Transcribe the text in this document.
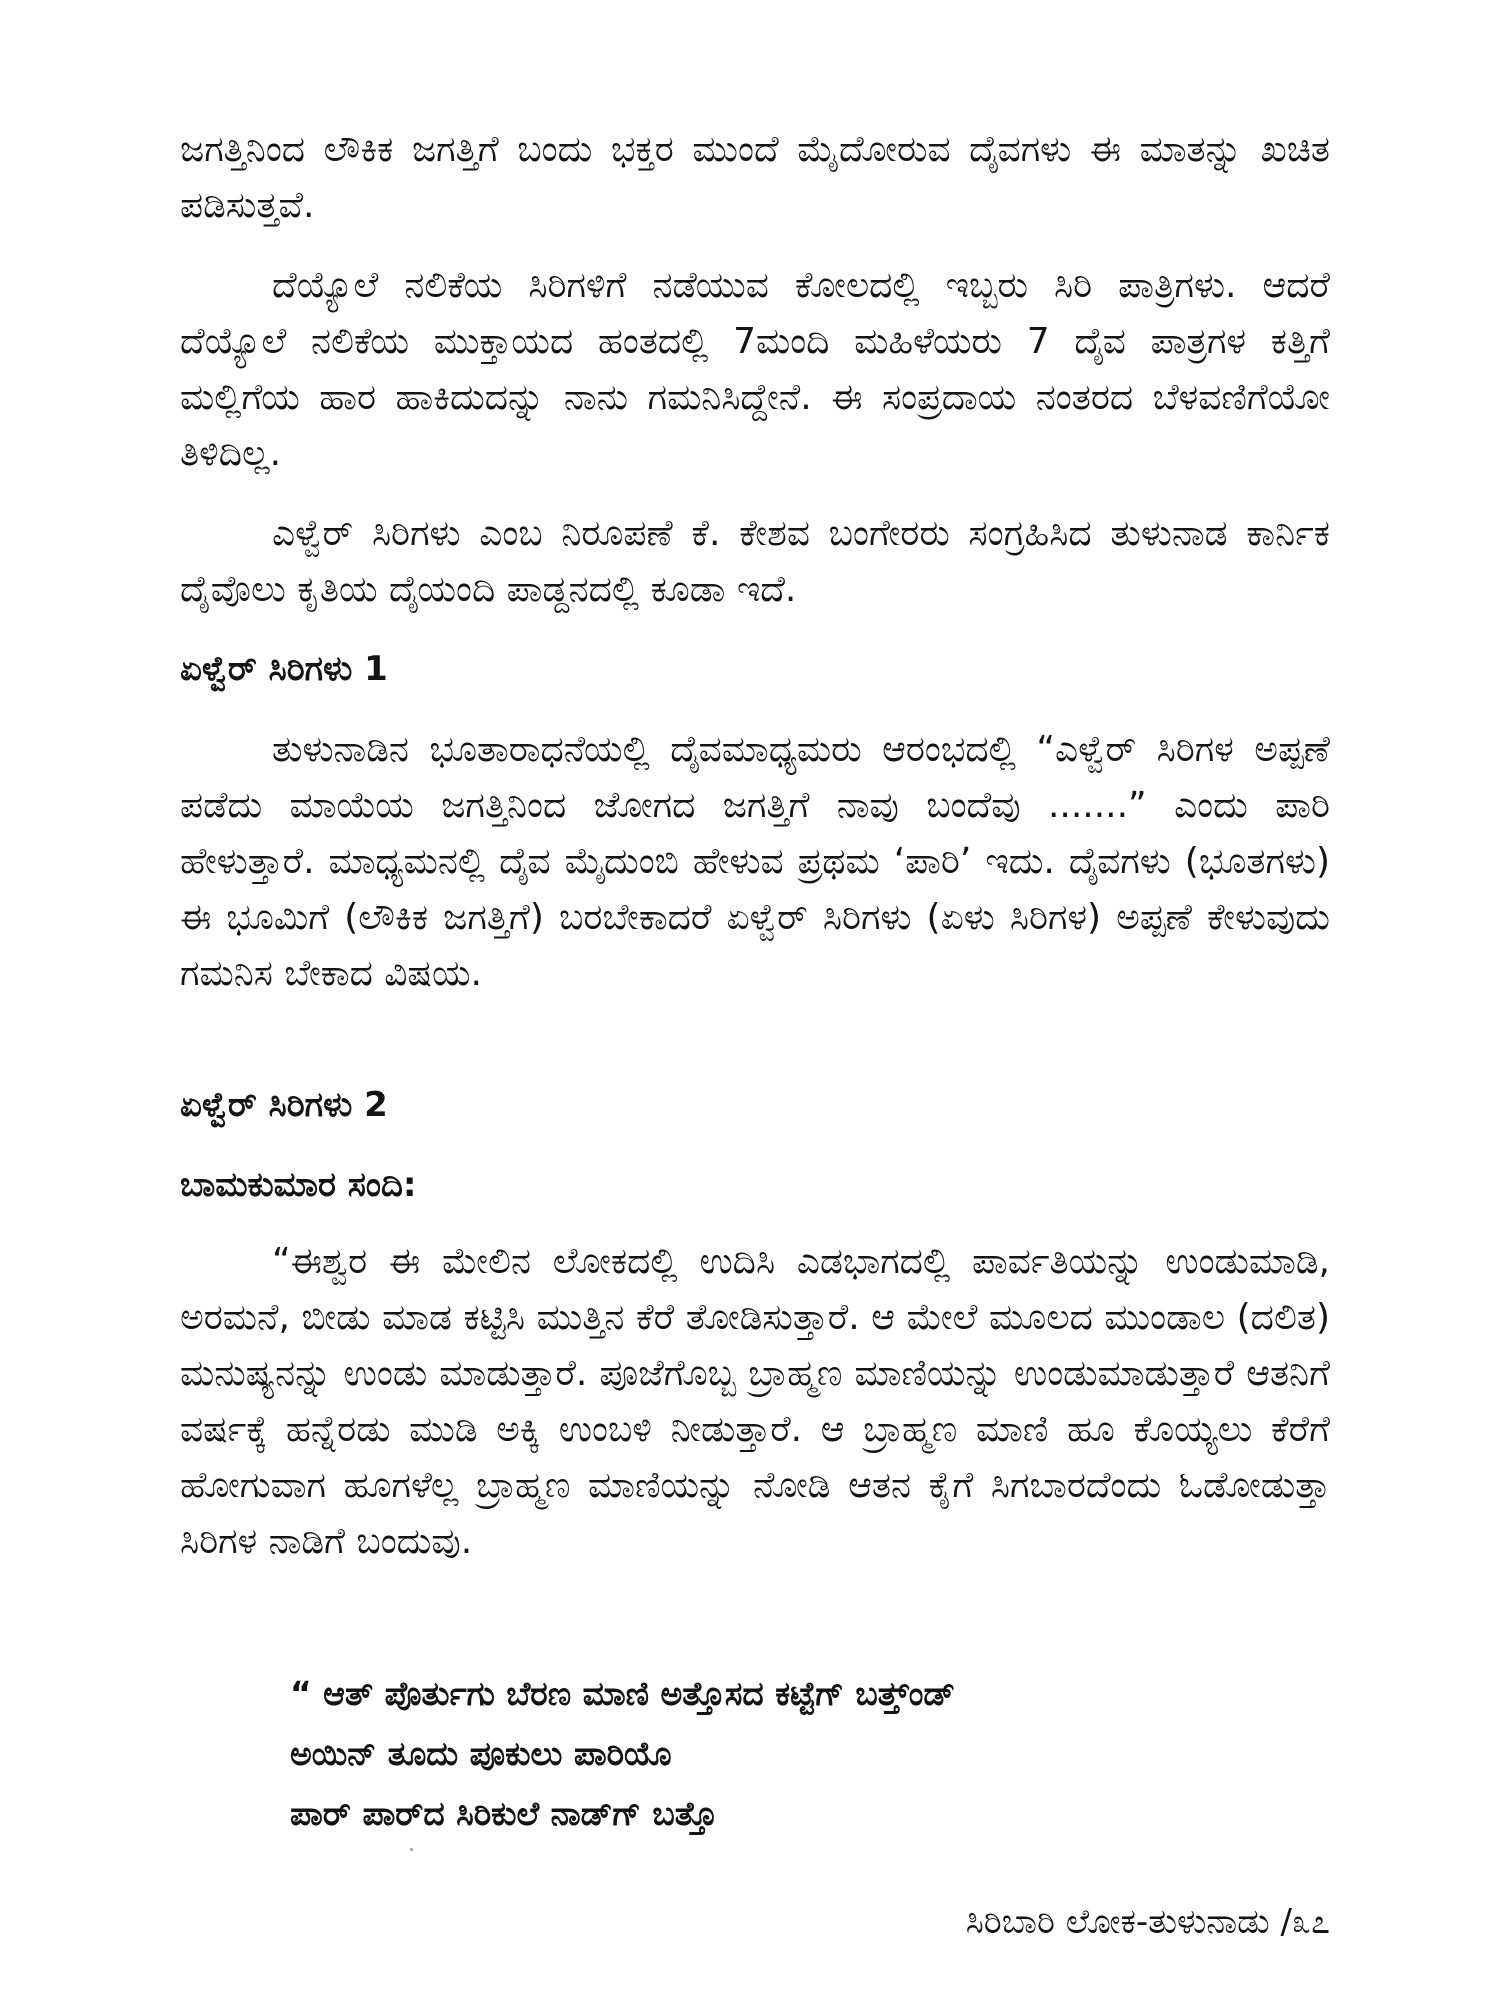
ಜಗತ್ತಿನಿಂದ ಲೌಕಿಕ ಜಗತ್ತಿಗೆ ಬಂದು ಭಕ್ತರ ಮುಂದೆ ಮೈದೋರುವ ದೈವಗಳು ಈ ಮಾತನ್ನು ಖಚಿತ ಪಡಿಸುತ್ತವೆ.

ದೆಯ್ಯೊಲೆ ನಲಿಕೆಯ ಸಿರಿಗಳಿಗೆ ನಡೆಯುವ ಕೋಲದಲ್ಲಿ ಇಬ್ಬರು ಸಿರಿ ಪಾತ್ರಿಗಳು. ಆದರೆ ದೆಯ್ಯೊಲೆ ನಲಿಕೆಯ ಮುಕ್ತಾಯದ ಹಂತದಲ್ಲಿ 7ಮಂದಿ ಮಹಿಳೆಯರು 7 ದೈವ ಪಾತ್ರಗಳ ಕತ್ತಿಗೆ ಮಲ್ಲಿಗೆಯ ಹಾರ ಹಾಕಿದುದನ್ನು ನಾನು ಗಮನಿಸಿದ್ದೇನೆ. ಈ ಸಂಪ್ರದಾಯ ನಂತರದ ಬೆಳವಣಿಗೆಯೋ ತಿಳಿದಿಲ್ಲ.

ಎಳ್ವೆರ್ ಸಿರಿಗಳು ಎಂಬ ನಿರೂಪಣೆ ಕೆ. ಕೇಶವ ಬಂಗೇರರು ಸಂಗ್ರಹಿಸಿದ ತುಳುನಾಡ ಕಾರ್ನಿಕ ದೈವೊಲು ಕೃತಿಯ ದೈಯಂದಿ ಪಾಡ್ದನದಲ್ಲಿ ಕೂಡಾ ಇದೆ.

ಏಳ್ವೆರ್ ಸಿರಿಗಳು 1

ತುಳುನಾಡಿನ ಭೂತಾರಾಧನೆಯಲ್ಲಿ ದೈವಮಾಧ್ಯಮರು ಆರಂಭದಲ್ಲಿ “ಎಳ್ವೆರ್ ಸಿರಿಗಳ ಅಪ್ಪಣೆ ಪಡೆದು ಮಾಯೆಯ ಜಗತ್ತಿನಿಂದ ಜೋಗದ ಜಗತ್ತಿಗೆ ನಾವು ಬಂದೆವು .......” ಎಂದು ಪಾರಿ ಹೇಳುತ್ತಾರೆ. ಮಾಧ್ಯಮನಲ್ಲಿ ದೈವ ಮೈದುಂಬಿ ಹೇಳುವ ಪ್ರಥಮ ‘ಪಾರಿ’ ಇದು. ದೈವಗಳು (ಭೂತಗಳು) ಈ ಭೂಮಿಗೆ (ಲೌಕಿಕ ಜಗತ್ತಿಗೆ) ಬರಬೇಕಾದರೆ ಏಳ್ವೆರ್ ಸಿರಿಗಳು (ಏಳು ಸಿರಿಗಳ) ಅಪ್ಪಣೆ ಕೇಳುವುದು ಗಮನಿಸ ಬೇಕಾದ ವಿಷಯ.

ಏಳ್ವೆರ್ ಸಿರಿಗಳು 2

ಬಾಮಕುಮಾರ ಸಂದಿ:

“ಈಶ್ವರ ಈ ಮೇಲಿನ ಲೋಕದಲ್ಲಿ ಉದಿಸಿ ಎಡಭಾಗದಲ್ಲಿ ಪಾರ್ವತಿಯನ್ನು ಉಂಡುಮಾಡಿ, ಅರಮನೆ, ಬೀಡು ಮಾಡ ಕಟ್ಟಿಸಿ ಮುತ್ತಿನ ಕೆರೆ ತೋಡಿಸುತ್ತಾರೆ. ಆ ಮೇಲೆ ಮೂಲದ ಮುಂಡಾಲ (ದಲಿತ) ಮನುಷ್ಯನನ್ನು ಉಂಡು ಮಾಡುತ್ತಾರೆ. ಪೂಜೆಗೊಬ್ಬ ಬ್ರಾಹ್ಮಣ ಮಾಣಿಯನ್ನು ಉಂಡುಮಾಡುತ್ತಾರೆ ಆತನಿಗೆ ವರ್ಷಕ್ಕೆ ಹನ್ನೆರಡು ಮುಡಿ ಅಕ್ಕಿ ಉಂಬಳಿ ನೀಡುತ್ತಾರೆ. ಆ ಬ್ರಾಹ್ಮಣ ಮಾಣಿ ಹೂ ಕೊಯ್ಯಲು ಕೆರೆಗೆ ಹೋಗುವಾಗ ಹೂಗಳೆಲ್ಲ ಬ್ರಾಹ್ಮಣ ಮಾಣಿಯನ್ನು ನೋಡಿ ಆತನ ಕೈಗೆ ಸಿಗಬಾರದೆಂದು ಓಡೋಡುತ್ತಾ ಸಿರಿಗಳ ನಾಡಿಗೆ ಬಂದುವು.

“ ಆತ್ ಪೊರ್ತುಗು ಬೆರಣ ಮಾಣಿ ಅತ್ತೊಸದ ಕಟ್ಟೆಗ್ ಬತ್ತ್ಂಡ್

ಅಯಿನ್ ತೂದು ಪೂಕುಲು ಪಾರಿಯೊ

ಪಾರ್ ಪಾರ್‌ದ ಸಿರಿಕುಲೆ ನಾಡ್‌ಗ್ ಬತ್ತೊ

ಸಿರಿಬಾರಿ ಲೋಕ-ತುಳುನಾಡು /೩೭
